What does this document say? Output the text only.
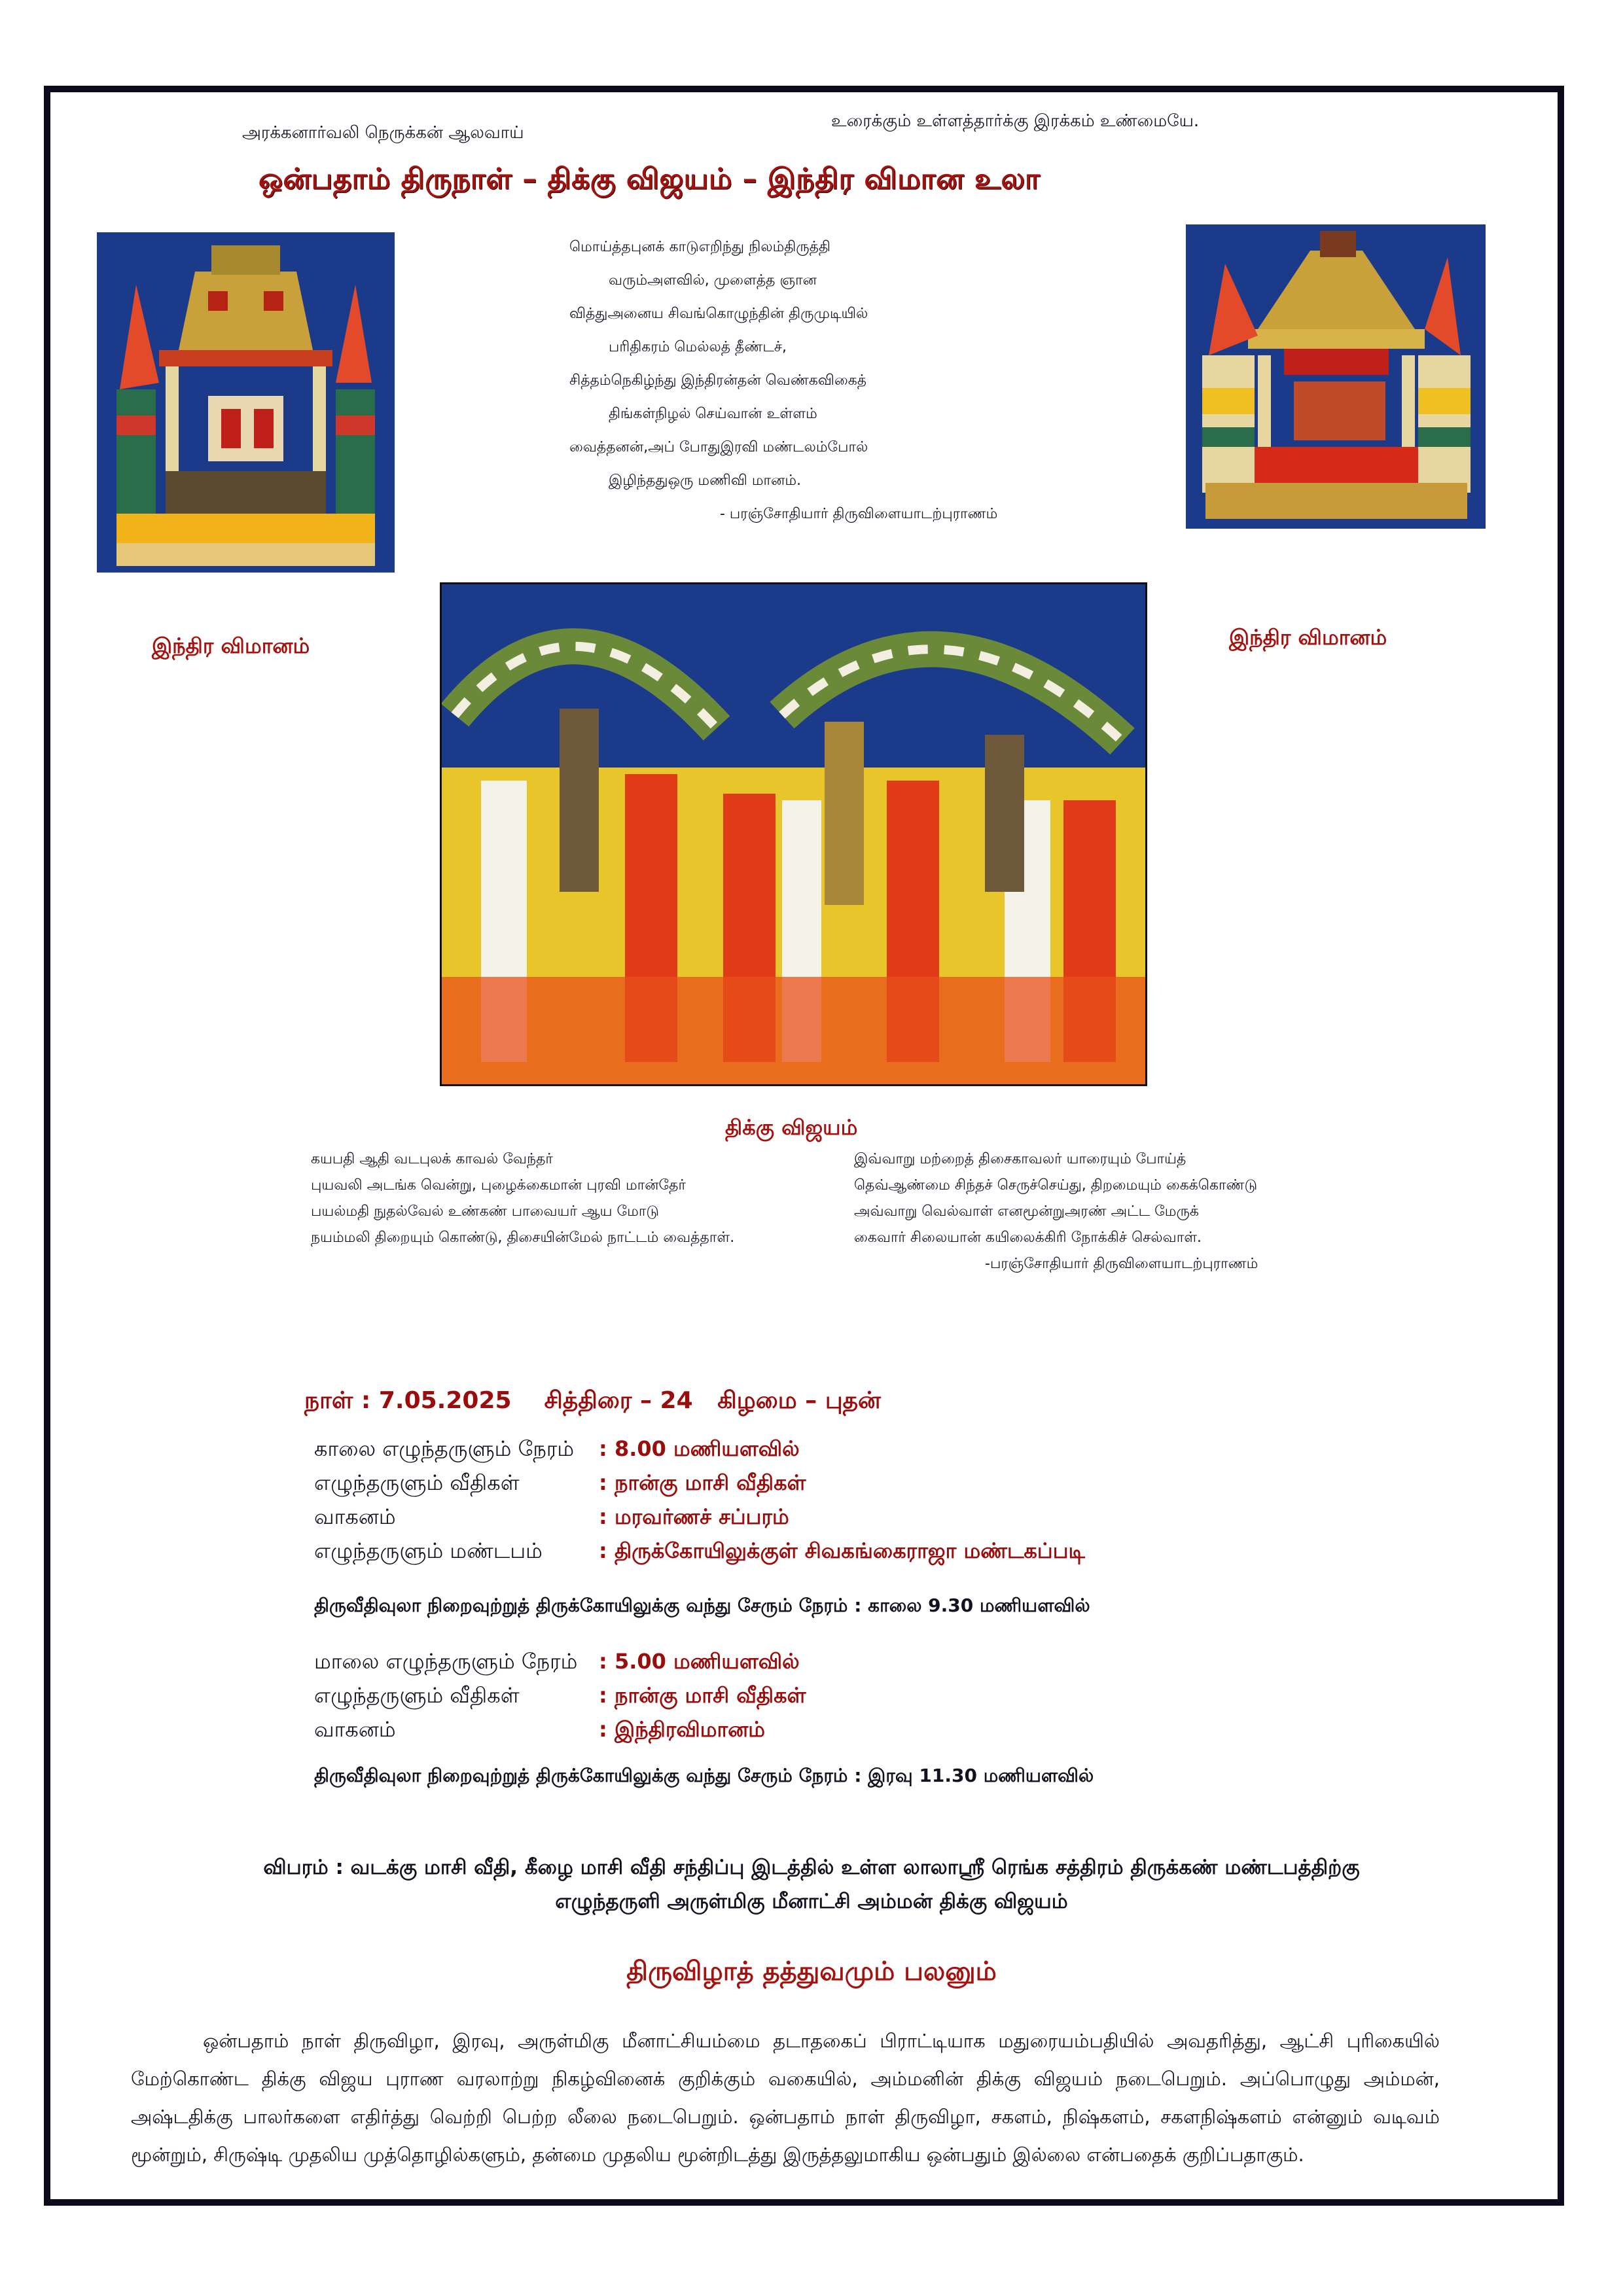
அரக்கனார்வலி நெருக்கன் ஆலவாய்
உரைக்கும் உள்ளத்தார்க்கு இரக்கம் உண்மையே.
ஒன்பதாம் திருநாள் – திக்கு விஜயம் – இந்திர விமான உலா
இந்திர விமானம்
மொய்த்தபுனக் காடுஎறிந்து நிலம்திருத்தி
வரும்அளவில், முளைத்த ஞான
வித்துஅனைய சிவங்கொழுந்தின் திருமுடியில்
பரிதிகரம் மெல்லத் தீண்டச்,
சித்தம்நெகிழ்ந்து இந்திரன்தன் வெண்கவிகைத்
திங்கள்நிழல் செய்வான் உள்ளம்
வைத்தனன்,அப் போதுஇரவி மண்டலம்போல்
இழிந்ததுஒரு மணிவி மானம்.
- பரஞ்சோதியார் திருவிளையாடற்புராணம்
இந்திர விமானம்
திக்கு விஜயம்
கயபதி ஆதி வடபுலக் காவல் வேந்தர்
புயவலி அடங்க வென்று, புழைக்கைமான் புரவி மான்தேர்
பயல்மதி நுதல்வேல் உண்கண் பாவையர் ஆய மோடு
நயம்மலி திறையும் கொண்டு, திசையின்மேல் நாட்டம் வைத்தாள்.
இவ்வாறு மற்றைத் திசைகாவலர் யாரையும் போய்த்
தெவ்ஆண்மை சிந்தச் செருச்செய்து, திறமையும் கைக்கொண்டு
அவ்வாறு வெல்வாள் எனமூன்றுஅரண் அட்ட மேருக்
கைவார் சிலையான் கயிலைக்கிரி நோக்கிச் செல்வாள்.
-பரஞ்சோதியார் திருவிளையாடற்புராணம்
நாள் : 7.05.2025    சித்திரை – 24   கிழமை – புதன்
காலை எழுந்தருளும் நேரம் : 8.00 மணியளவில்
எழுந்தருளும் வீதிகள்	: நான்கு மாசி வீதிகள்
வாகனம்	: மரவர்ணச் சப்பரம்
எழுந்தருளும் மண்டபம்	: திருக்கோயிலுக்குள் சிவகங்கைராஜா மண்டகப்படி
திருவீதிவுலா நிறைவுற்றுத் திருக்கோயிலுக்கு வந்து சேரும் நேரம் : காலை 9.30 மணியளவில்
மாலை எழுந்தருளும் நேரம் : 5.00 மணியளவில்
எழுந்தருளும் வீதிகள்	: நான்கு மாசி வீதிகள்
வாகனம்	: இந்திரவிமானம்
திருவீதிவுலா நிறைவுற்றுத் திருக்கோயிலுக்கு வந்து சேரும் நேரம் : இரவு 11.30 மணியளவில்
விபரம் : வடக்கு மாசி வீதி, கீழை மாசி வீதி சந்திப்பு இடத்தில் உள்ள லாலாஸ்ரீ ரெங்க சத்திரம் திருக்கண் மண்டபத்திற்கு
எழுந்தருளி அருள்மிகு மீனாட்சி அம்மன் திக்கு விஜயம்
திருவிழாத் தத்துவமும் பலனும்
ஒன்பதாம் நாள் திருவிழா, இரவு, அருள்மிகு மீனாட்சியம்மை தடாதகைப் பிராட்டியாக மதுரையம்பதியில் அவதரித்து, ஆட்சி புரிகையில் மேற்கொண்ட திக்கு விஜய புராண வரலாற்று நிகழ்வினைக் குறிக்கும் வகையில், அம்மனின் திக்கு விஜயம் நடைபெறும். அப்பொழுது அம்மன், அஷ்டதிக்கு பாலர்களை எதிர்த்து வெற்றி பெற்ற லீலை நடைபெறும். ஒன்பதாம் நாள் திருவிழா, சகளம், நிஷ்களம், சகளநிஷ்களம் என்னும் வடிவம் மூன்றும், சிருஷ்டி முதலிய முத்தொழில்களும், தன்மை முதலிய மூன்றிடத்து இருத்தலுமாகிய ஒன்பதும் இல்லை என்பதைக் குறிப்பதாகும்.
